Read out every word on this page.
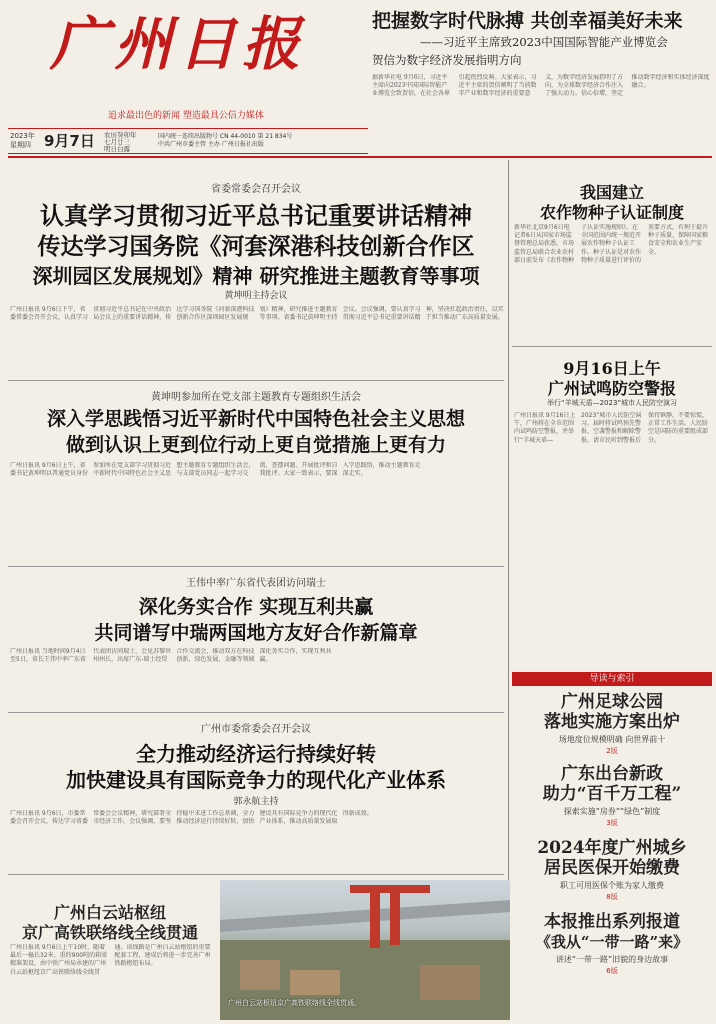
广州日报
追求最出色的新闻 塑造最具公信力媒体
2023年
星期四 9月7日 农历癸卯年
七月廿三
明日白露
国内统一连续出版物号 CN 44-0010 第 21 834号
中共广州市委主管 主办 广州日报社出版
把握数字时代脉搏 共创幸福美好未来
——习近平主席致2023中国国际智能产业博览会
贺信为数字经济发展指明方向
据新华社电 9月6日，习近平主席向2023中国国际智能产业博览会致贺信，在社会各界引起热烈反响。大家表示，习近平主席的贺信阐明了当前数字产业和数字经济的重要意义，为数字经济发展指明了方向，为全球数字经济合作注入了强大动力。信心倍增，坚定推动数字经济和实体经济深度融合。
省委常委会召开会议
认真学习贯彻习近平总书记重要讲话精神
传达学习国务院《河套深港科技创新合作区
深圳园区发展规划》精神 研究推进主题教育等事项
黄坤明主持会议
广州日报讯 9月6日下午，省委常委会召开会议，认真学习贯彻习近平总书记在中央政治局会议上的重要讲话精神，传达学习国务院《河套深港科技创新合作区深圳园区发展规划》精神，研究推进主题教育等事项。省委书记黄坤明主持会议。会议强调，要认真学习贯彻习近平总书记重要讲话精神，坚决扛起政治责任，以实干担当推动广东高质量发展。
黄坤明参加所在党支部主题教育专题组织生活会
深入学思践悟习近平新时代中国特色社会主义思想
做到认识上更到位行动上更自觉措施上更有力
广州日报讯 9月6日上午，省委书记黄坤明以普通党员身份参加所在党支部学习贯彻习近平新时代中国特色社会主义思想主题教育专题组织生活会，与支部党员同志一起学习交流、查摆问题、开展批评和自我批评。大家一致表示，要深入学思践悟，推动主题教育走深走实。
王伟中率广东省代表团访问瑞士
深化务实合作 实现互利共赢
共同谱写中瑞两国地方友好合作新篇章
广州日报讯 当地时间9月4日至5日，省长王伟中率广东省代表团访问瑞士，会见苏黎世州州长，出席广东-瑞士经贸合作交流会，推动双方在科技创新、绿色发展、金融等领域深化务实合作，实现互利共赢。
广州市委常委会召开会议
全力推动经济运行持续好转
加快建设具有国际竞争力的现代化产业体系
郭永航主持
广州日报讯 9月6日，市委常委会召开会议，传达学习省委常委会会议精神，研究部署全市经济工作。会议强调，要坚持稳中求进工作总基调，全力推动经济运行持续好转，加快建设具有国际竞争力的现代化产业体系，推动高质量发展取得新成效。
广州白云站枢纽
京广高铁联络线全线贯通
广州日报讯 9月6日上午10时，随着最后一榀长32米、重约900吨的箱梁精准架设，由中铁广州局承建的广州白云站枢纽京广高铁联络线全线贯通。该线路是广州白云站枢纽的重要配套工程，建成后将进一步完善广州铁路枢纽布局。
广州白云站枢纽京广高铁联络线全线贯通。
我国建立
农作物种子认证制度
新华社北京9月6日电 记者6日从国家市场监督管理总局获悉，市场监管总局联合农业农村部日前发布《农作物种子认证实施规则》，在全国范围内统一规范开展农作物种子认证工作。种子认证是对农作物种子质量进行评价的重要方式，有利于提升种子质量，保障国家粮食安全和农业生产安全。
9月16日上午
广州试鸣防空警报
举行“羊城天盾—2023”城市人民防空演习
广州日报讯 9月16日上午，广州将在全市范围内试鸣防空警报，并举行“羊城天盾—2023”城市人民防空演习。届时将试鸣预先警报、空袭警报和解除警报。请市民听到警报后保持镇静，不要惊慌，正常工作生活。人民防空是国防的重要组成部分。
导读与索引
广州足球公园
落地实施方案出炉
场地度位规模明确 向世界前十
2版
广东出台新政
助力“百千万工程”
探索实施“房券”“绿色”制度
3版
2024年度广州城乡
居民医保开始缴费
职工可用医保个账为家人缴费
8版
本报推出系列报道
《我从“一带一路”来》
讲述“一带一路”旧貌的身边故事
6版
